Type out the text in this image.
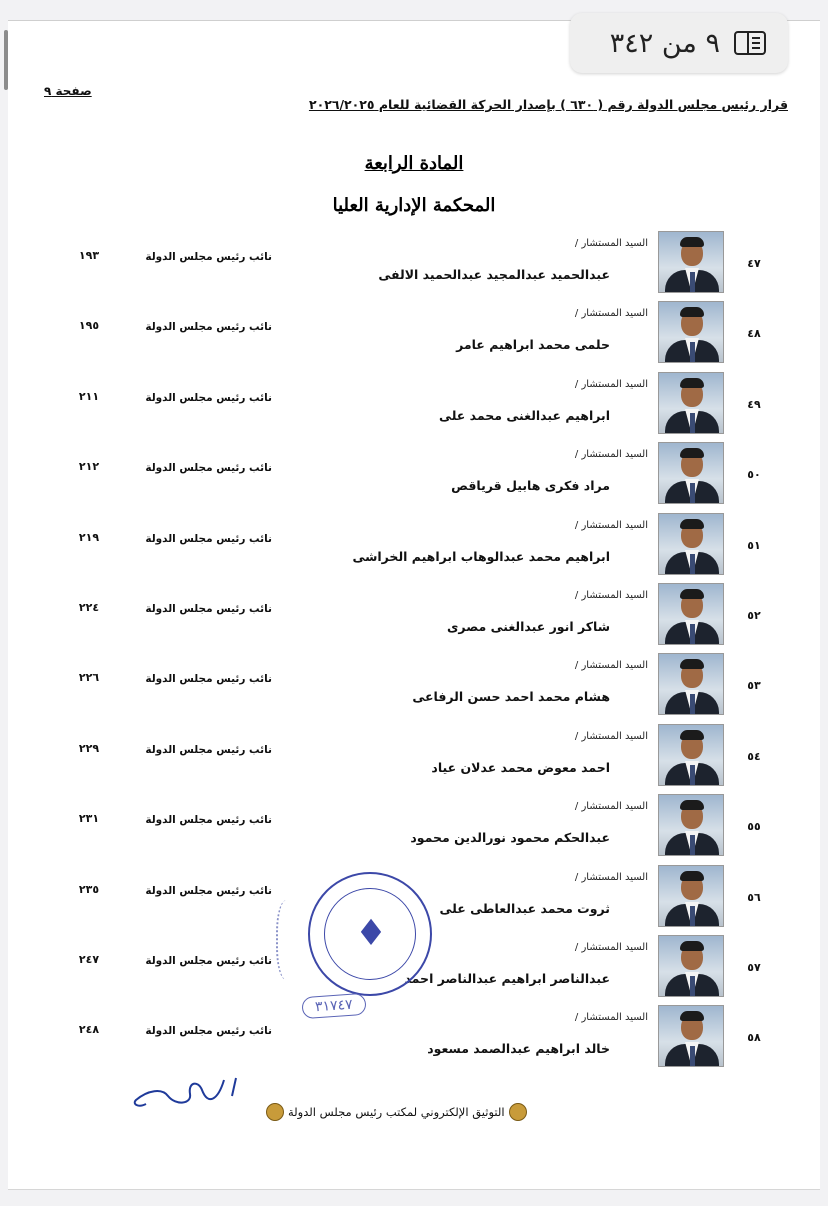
٩ من ٣٤٢
صفحة ٩
قرار رئيس مجلس الدولة رقم ( ٦٣٠ ) بإصدار الحركة القضائية للعام ٢٠٢٦/٢٠٢٥
المادة الرابعة
المحكمة الإدارية العليا
٤٧
السيد المستشار /
عبدالحميد عبدالمجيد عبدالحميد الالفى
نائب رئيس مجلس الدولة
١٩٣
٤٨
السيد المستشار /
حلمى محمد ابراهيم عامر
نائب رئيس مجلس الدولة
١٩٥
٤٩
السيد المستشار /
ابراهيم عبدالغنى محمد على
نائب رئيس مجلس الدولة
٢١١
٥٠
السيد المستشار /
مراد فكرى هابيل قرياقص
نائب رئيس مجلس الدولة
٢١٢
٥١
السيد المستشار /
ابراهيم محمد عبدالوهاب ابراهيم الخراشى
نائب رئيس مجلس الدولة
٢١٩
٥٢
السيد المستشار /
شاكر انور عبدالغنى مصرى
نائب رئيس مجلس الدولة
٢٢٤
٥٣
السيد المستشار /
هشام محمد احمد حسن الرفاعى
نائب رئيس مجلس الدولة
٢٢٦
٥٤
السيد المستشار /
احمد معوض محمد عدلان عياد
نائب رئيس مجلس الدولة
٢٢٩
٥٥
السيد المستشار /
عبدالحكم محمود نورالدين محمود
نائب رئيس مجلس الدولة
٢٣١
٥٦
السيد المستشار /
ثروت محمد عبدالعاطى على
نائب رئيس مجلس الدولة
٢٣٥
٥٧
السيد المستشار /
عبدالناصر ابراهيم عبدالناصر احمد
نائب رئيس مجلس الدولة
٢٤٧
٥٨
السيد المستشار /
خالد ابراهيم عبدالصمد مسعود
نائب رئيس مجلس الدولة
٢٤٨
♦
٣١٧٤٧
التوثيق الإلكتروني لمكتب رئيس مجلس الدولة
